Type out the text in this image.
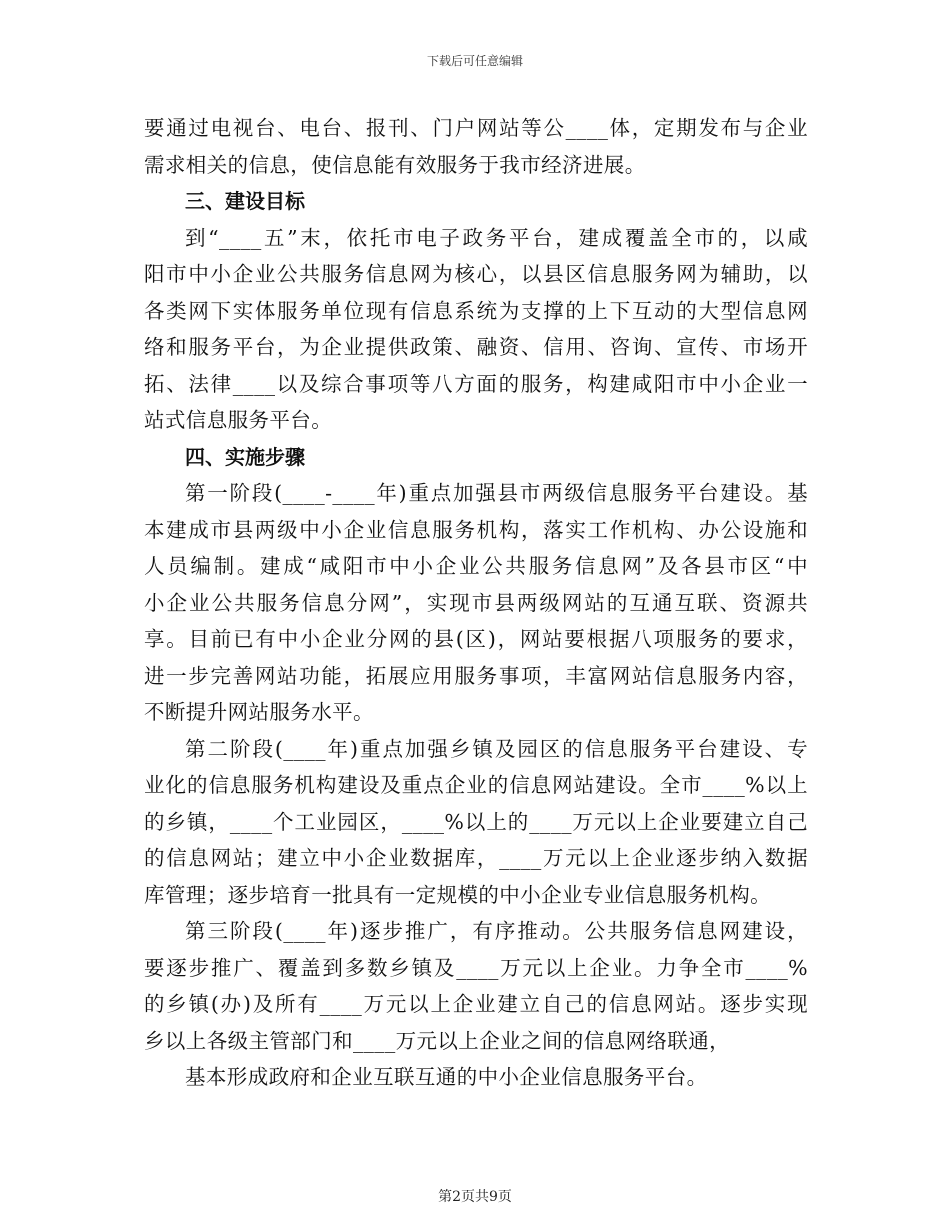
下载后可任意编辑
要通过电视台、电台、报刊、门户网站等公____体，定期发布与企业
需求相关的信息，使信息能有效服务于我市经济进展。
三、建设目标
到“____五”末，依托市电子政务平台，建成覆盖全市的，以咸
阳市中小企业公共服务信息网为核心，以县区信息服务网为辅助，以
各类网下实体服务单位现有信息系统为支撑的上下互动的大型信息网
络和服务平台，为企业提供政策、融资、信用、咨询、宣传、市场开
拓、法律____以及综合事项等八方面的服务，构建咸阳市中小企业一
站式信息服务平台。
四、实施步骤
第一阶段(____-____年)重点加强县市两级信息服务平台建设。基
本建成市县两级中小企业信息服务机构，落实工作机构、办公设施和
人员编制。建成“咸阳市中小企业公共服务信息网”及各县市区“中
小企业公共服务信息分网”，实现市县两级网站的互通互联、资源共
享。目前已有中小企业分网的县(区)，网站要根据八项服务的要求，
进一步完善网站功能，拓展应用服务事项，丰富网站信息服务内容，
不断提升网站服务水平。
第二阶段(____年)重点加强乡镇及园区的信息服务平台建设、专
业化的信息服务机构建设及重点企业的信息网站建设。全市____%以上
的乡镇，____个工业园区，____%以上的____万元以上企业要建立自己
的信息网站；建立中小企业数据库，____万元以上企业逐步纳入数据
库管理；逐步培育一批具有一定规模的中小企业专业信息服务机构。
第三阶段(____年)逐步推广，有序推动。公共服务信息网建设，
要逐步推广、覆盖到多数乡镇及____万元以上企业。力争全市____%
的乡镇(办)及所有____万元以上企业建立自己的信息网站。逐步实现
乡以上各级主管部门和____万元以上企业之间的信息网络联通，
基本形成政府和企业互联互通的中小企业信息服务平台。
第2页共9页
